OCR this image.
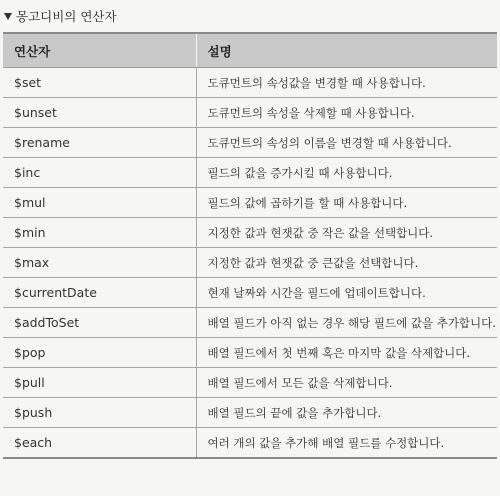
몽고디비의 연산자
연산자	설명
$set	도큐먼트의 속성값을 변경할 때 사용합니다.
$unset	도큐먼트의 속성을 삭제할 때 사용합니다.
$rename	도큐먼트의 속성의 이름을 변경할 때 사용합니다.
$inc	필드의 값을 증가시킬 때 사용합니다.
$mul	필드의 값에 곱하기를 할 때 사용합니다.
$min	지정한 값과 현잿값 중 작은 값을 선택합니다.
$max	지정한 값과 현잿값 중 큰값을 선택합니다.
$currentDate	현재 날짜와 시간을 필드에 업데이트합니다.
$addToSet	배열 필드가 아직 없는 경우 해당 필드에 값을 추가합니다.
$pop	배열 필드에서 첫 번째 혹은 마지막 값을 삭제합니다.
$pull	배열 필드에서 모든 값을 삭제합니다.
$push	배열 필드의 끝에 값을 추가합니다.
$each	여러 개의 값을 추가해 배열 필드를 수정합니다.
